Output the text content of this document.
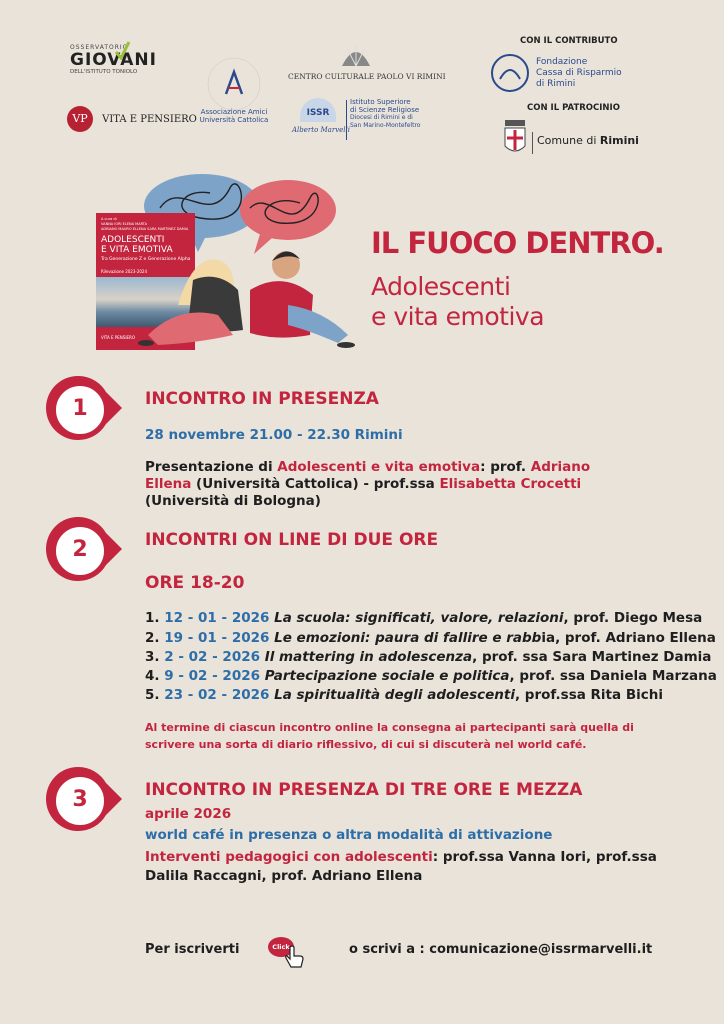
OSSERVATORIO
GIOVANI
DELL'ISTITUTO TONIOLO
VP VITA E PENSIERO
Associazione Amici Università Cattolica
CENTRO CULTURALE PAOLO VI RIMINI
ISSR
Alberto Marvelli
Istituto Superiore
di Scienze Religiose
Diocesi di Rimini e di
San Marino-Montefeltro
CON IL CONTRIBUTO
Fondazione
Cassa di Risparmio
di Rimini
CON IL PATROCINIO
Comune di Rimini
A cura di
VANNA IORI ELENA MARTA
ADRIANO MAURO ELLENA SARA MARTINEZ DAMIA
ADOLESCENTI
E VITA EMOTIVA
Tra Generazione Z e Generazione Alpha
Rilevazione 2023-2024
VITA E PENSIERO
IL FUOCO DENTRO.
Adolescenti
e vita emotiva
1	INCONTRO IN PRESENZA
28 novembre 21.00 - 22.30 Rimini
Presentazione di Adolescenti e vita emotiva: prof. Adriano Ellena (Università Cattolica) - prof.ssa Elisabetta Crocetti (Università di Bologna)
2	INCONTRI ON LINE DI DUE ORE
ORE 18-20
1. 12 - 01 - 2026 La scuola: significati, valore, relazioni, prof. Diego Mesa
2. 19 - 01 - 2026 Le emozioni: paura di fallire e rabbia, prof. Adriano Ellena
3. 2 - 02 - 2026 Il mattering in adolescenza, prof. ssa Sara Martinez Damia
4. 9 - 02 - 2026 Partecipazione sociale e politica, prof. ssa Daniela Marzana
5. 23 - 02 - 2026 La spiritualità degli adolescenti, prof.ssa Rita Bichi
Al termine di ciascun incontro online la consegna ai partecipanti sarà quella di scrivere una sorta di diario riflessivo, di cui si discuterà nel world café.
3	INCONTRO IN PRESENZA DI TRE ORE E MEZZA
aprile 2026
world café in presenza o altra modalità di attivazione
Interventi pedagogici con adolescenti: prof.ssa Vanna Iori, prof.ssa Dalila Raccagni, prof. Adriano Ellena
Per iscriverti	Click	o scrivi a : comunicazione@issrmarvelli.it
